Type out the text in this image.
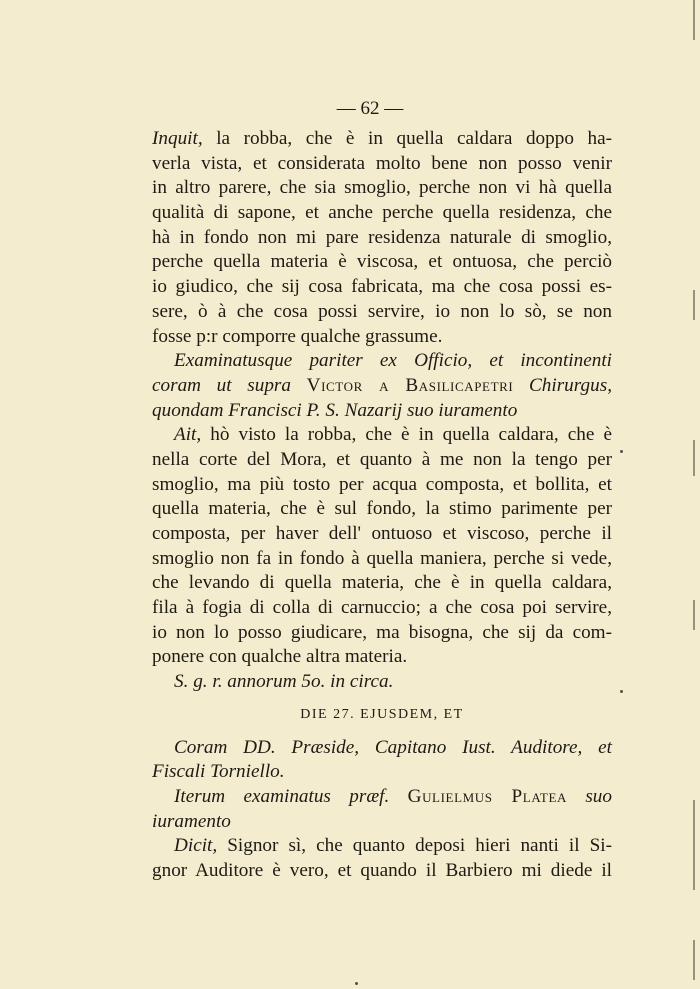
— 62 —
Inquit, la robba, che è in quella caldara doppo ha-
verla vista, et considerata molto bene non posso venir
in altro parere, che sia smoglio, perche non vi hà quella
qualità di sapone, et anche perche quella residenza, che
hà in fondo non mi pare residenza naturale di smoglio,
perche quella materia è viscosa, et ontuosa, che perciò
io giudico, che sij cosa fabricata, ma che cosa possi es-
sere, ò à che cosa possi servire, io non lo sò, se non
fosse p:r comporre qualche grassume.
Examinatusque pariter ex Officio, et incontinenti
coram ut supra Victor a Basilicapetri Chirurgus,
quondam Francisci P. S. Nazarij suo iuramento
Ait, hò visto la robba, che è in quella caldara, che è
nella corte del Mora, et quanto à me non la tengo per
smoglio, ma più tosto per acqua composta, et bollita, et
quella materia, che è sul fondo, la stimo parimente per
composta, per haver dell' ontuoso et viscoso, perche il
smoglio non fa in fondo à quella maniera, perche si vede,
che levando di quella materia, che è in quella caldara,
fila à fogia di colla di carnuccio; a che cosa poi servire,
io non lo posso giudicare, ma bisogna, che sij da com-
ponere con qualche altra materia.
S. g. r. annorum 5o. in circa.
DIE 27. EJUSDEM, ET
Coram DD. Præside, Capitano Iust. Auditore, et
Fiscali Torniello.
Iterum examinatus præf. Gulielmus Platea suo
iuramento
Dicit, Signor sì, che quanto deposi hieri nanti il Si-
gnor Auditore è vero, et quando il Barbiero mi diede il
